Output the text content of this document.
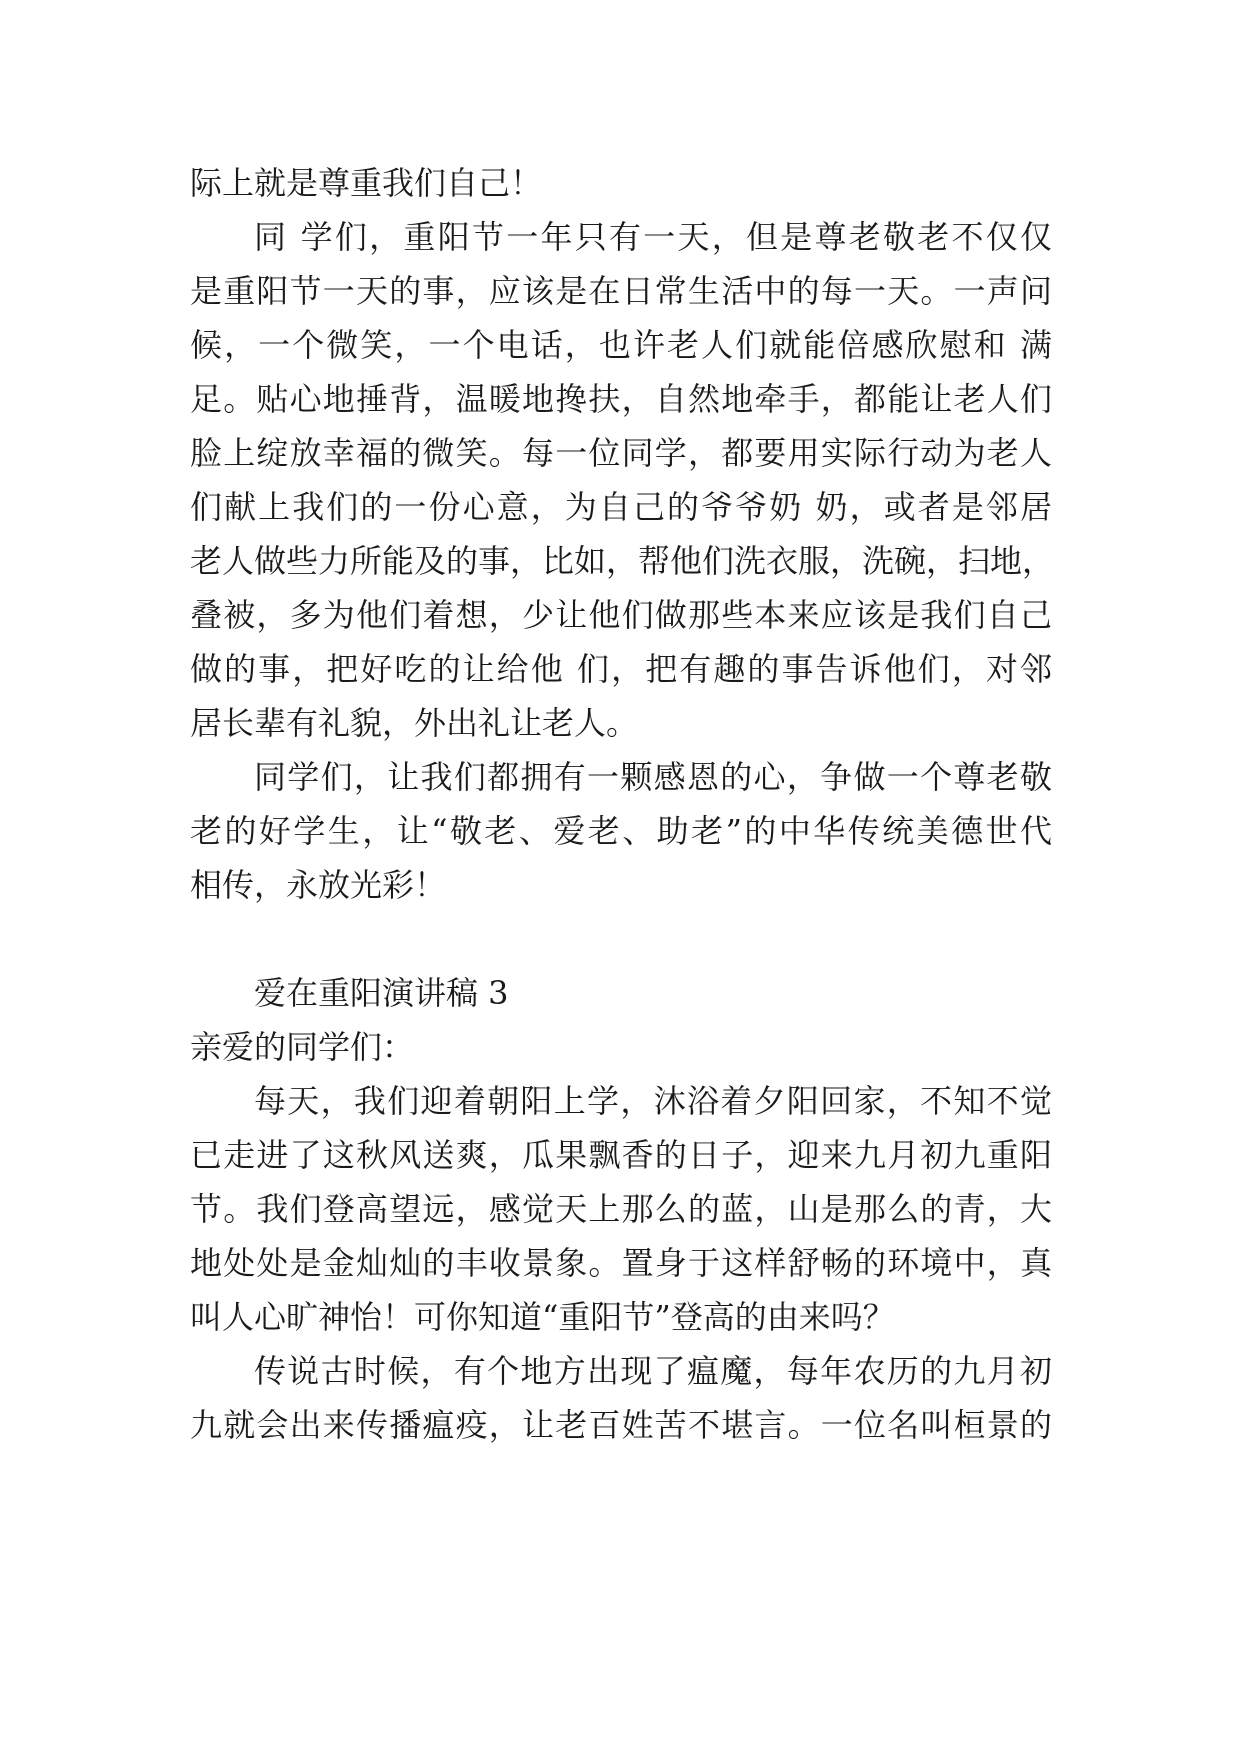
际上就是尊重我们自己！
同 学们，重阳节一年只有一天，但是尊老敬老不仅仅
是重阳节一天的事，应该是在日常生活中的每一天。一声问
候，一个微笑，一个电话，也许老人们就能倍感欣慰和 满
足。贴心地捶背，温暖地搀扶，自然地牵手，都能让老人们
脸上绽放幸福的微笑。每一位同学，都要用实际行动为老人
们献上我们的一份心意，为自己的爷爷奶 奶，或者是邻居
老人做些力所能及的事，比如，帮他们洗衣服，洗碗，扫地，
叠被，多为他们着想，少让他们做那些本来应该是我们自己
做的事，把好吃的让给他 们，把有趣的事告诉他们，对邻
居长辈有礼貌，外出礼让老人。
同学们，让我们都拥有一颗感恩的心，争做一个尊老敬
老的好学生，让“敬老、爱老、助老”的中华传统美德世代
相传，永放光彩！
爱在重阳演讲稿 3
亲爱的同学们：
每天，我们迎着朝阳上学，沐浴着夕阳回家，不知不觉
已走进了这秋风送爽，瓜果飘香的日子，迎来九月初九重阳
节。我们登高望远，感觉天上那么的蓝，山是那么的青，大
地处处是金灿灿的丰收景象。置身于这样舒畅的环境中，真
叫人心旷神怡！可你知道“重阳节”登高的由来吗？
传说古时候，有个地方出现了瘟魔，每年农历的九月初
九就会出来传播瘟疫，让老百姓苦不堪言。一位名叫桓景的
